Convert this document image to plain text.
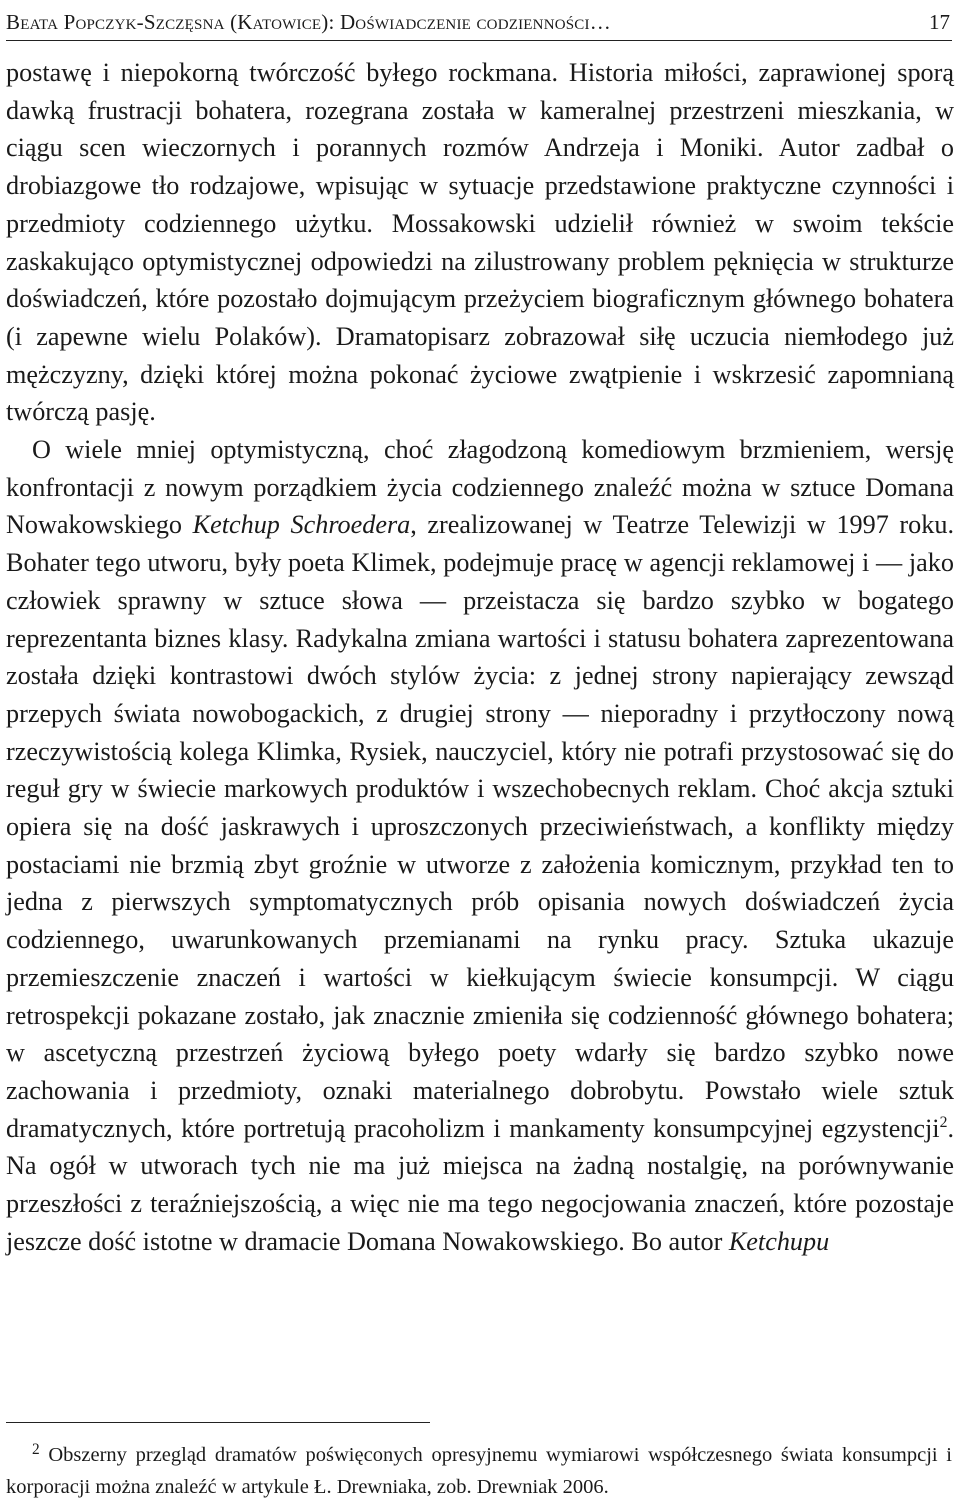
Beata Popczyk-Szczęsna (Katowice): Doświadczenie codzienności…	17

postawę i niepokorną twórczość byłego rockmana. Historia miłości, zaprawionej sporą dawką frustracji bohatera, rozegrana została w kameralnej przestrzeni mieszkania, w ciągu scen wieczornych i porannych rozmów Andrzeja i Moniki. Autor zadbał o drobiazgowe tło rodzajowe, wpisując w sytuacje przedstawione praktyczne czynności i przedmioty codziennego użytku. Mossakowski udzielił również w swoim tekście zaskakująco optymistycznej odpowiedzi na zilustrowany problem pęknięcia w strukturze doświadczeń, które pozostało dojmującym przeżyciem biograficznym głównego bohatera (i zapewne wielu Polaków). Dramatopisarz zobrazował siłę uczucia niemłodego już mężczyzny, dzięki której można pokonać życiowe zwątpienie i wskrzesić zapomnianą twórczą pasję.

O wiele mniej optymistyczną, choć złagodzoną komediowym brzmieniem, wersję konfrontacji z nowym porządkiem życia codziennego znaleźć można w sztuce Domana Nowakowskiego Ketchup Schroedera, zrealizowanej w Teatrze Telewizji w 1997 roku. Bohater tego utworu, były poeta Klimek, podejmuje pracę w agencji reklamowej i — jako człowiek sprawny w sztuce słowa — przeistacza się bardzo szybko w bogatego reprezentanta biznes klasy. Radykalna zmiana wartości i statusu bohatera zaprezentowana została dzięki kontrastowi dwóch stylów życia: z jednej strony napierający zewsząd przepych świata nowobogackich, z drugiej strony — nieporadny i przytłoczony nową rzeczywistością kolega Klimka, Rysiek, nauczyciel, który nie potrafi przystosować się do reguł gry w świecie markowych produktów i wszechobecnych reklam. Choć akcja sztuki opiera się na dość jaskrawych i uproszczonych przeciwieństwach, a konflikty między postaciami nie brzmią zbyt groźnie w utworze z założenia komicznym, przykład ten to jedna z pierwszych symptomatycznych prób opisania nowych doświadczeń życia codziennego, uwarunkowanych przemianami na rynku pracy. Sztuka ukazuje przemieszczenie znaczeń i wartości w kiełkującym świecie konsumpcji. W ciągu retrospekcji pokazane zostało, jak znacznie zmieniła się codzienność głównego bohatera; w ascetyczną przestrzeń życiową byłego poety wdarły się bardzo szybko nowe zachowania i przedmioty, oznaki materialnego dobrobytu. Powstało wiele sztuk dramatycznych, które portretują pracoholizm i mankamenty konsumpcyjnej egzystencji$^2$. Na ogół w utworach tych nie ma już miejsca na żadną nostalgię, na porównywanie przeszłości z teraźniejszością, a więc nie ma tego negocjowania znaczeń, które pozostaje jeszcze dość istotne w dramacie Domana Nowakowskiego. Bo autor Ketchupu

$^2$ Obszerny przegląd dramatów poświęconych opresyjnemu wymiarowi współczesnego świata konsumpcji i korporacji można znaleźć w artykule Ł. Drewniaka, zob. Drewniak 2006.
